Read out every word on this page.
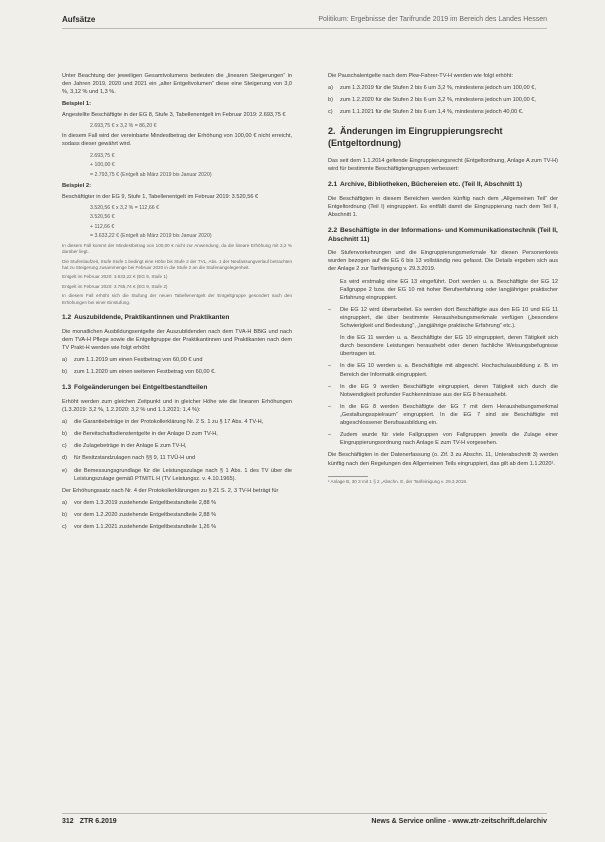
Aufsätze	Politikum: Ergebnisse der Tarifrunde 2019 im Bereich des Landes Hessen

Unter Beachtung der jeweiligen Gesamtvolumens bedeuten die „linearen Steigerungen“ in den Jahren 2019, 2020 und 2021 ein „alter Entgeltvolumen“ diese eine Steigerung von 3,0 %, 3,12 % und 1,3 %.

Beispiel 1:

Angestellte Beschäftigte in der EG 8, Stufe 3, Tabellenentgelt im Februar 2019: 2.693,75 €

2.693,75 € x 3,2 % = 86,20 €

In diesem Fall wird der vereinbarte Mindestbetrag der Erhöhung von 100,00 € nicht erreicht, sodass dieser gewährt wird.

2.693,75 €
+ 100,00 €
= 2.793,75 € (Entgelt ab März 2019 bis Januar 2020)
Beispiel 2:

Beschäftigter in der EG 9, Stufe 1, Tabellenentgelt im Februar 2019: 3.520,56 €

3.520,56 € x 3,2 % = 112,66 €
3.520,56 €
+ 112,66 €
= 3.633,22 € (Entgelt ab März 2019 bis Januar 2020)

In diesem Fall kommt der Mindestbetrag von 100,00 € nicht zur Anwendung, da die lineare Erhöhung mit 3,2 % darüber liegt.

Die Stufenlaufzeit, Stufe Stufe 1 bedingt eine Höhe bis Stufe 2 der TVL, Abs. 1 der Neufassungverlauf betrachten hat zu Steigerung zusammenge bei Februar 2020 in die Stufe 2 an die Stufenangelegenheit.

Entgelt im Februar 2020: 3.633,22 € (EG 9, Stufe 1)

Entgelt im Februar 2020: 3.765,74 € (EG 9, Stufe 2)

In diesem Fall erhöht sich die Stufung der neuen Tabellenentgelt der Entgeltgruppe gesondert nach den Erhöhungen bei einer Einstufung.

1.2 Auszubildende, Praktikantinnen und Praktikanten

Die monatlichen Ausbildungsentgelte der Auszubildenden nach dem TVA-H BBiG und nach dem TVA-H Pflege sowie die Entgeltgruppe der Praktikantinnen und Praktikanten nach dem TV Prakt-H werden wie folgt erhöht:

a)	zum 1.1.2019 um einen Festbetrag von 60,00 € und
b)	zum 1.1.2020 um einen weiteren Festbetrag von 60,00 €.
1.3 Folgeänderungen bei Entgeltbestandteilen

Erhöht werden zum gleichen Zeitpunkt und in gleicher Höhe wie die linearen Erhöhungen (1.3.2019: 3,2 %, 1.2.2020: 3,2 % und 1.1.2021: 1,4 %):

a)	die Garantiebeträge in der Protokollerklärung Nr. 2 S. 1 zu § 17 Abs. 4 TV-H,
b)	die Bereitschaftsdienstentgelte in der Anlage D zum TV-H,
c)	die Zulagebeträge in der Anlage E zum TV-H,
d)	für Besitzstandzulagen nach §§ 9, 11 TVÜ-H und
e)	die Bemessungsgrundlage für die Leistungszulage nach § 1 Abs. 1 des TV über die Leistungszulage gemäß PTM/TL H (TV Leistungsz. v. 4.10.1965).

Der Erhöhungssatz nach Nr. 4 der Protokollerklärungen zu § 21 S. 2, 3 TV-H beträgt für

a)	vor dem 1.3.2019 zustehende Entgeltbestandteile 2,88 %
b)	vor dem 1.2.2020 zustehende Entgeltbestandteile 2,88 %
c)	vor dem 1.1.2021 zustehende Entgeltbestandteile 1,26 %

Die Pauschalentgelte nach dem Pkw-Fahrer-TV-H werden wie folgt erhöht:

a)	zum 1.3.2019 für die Stufen 2 bis 6 um 3,2 %, mindestens jedoch um 100,00 €,
b)	zum 1.2.2020 für die Stufen 2 bis 6 um 3,2 %, mindestens jedoch um 100,00 €,
c)	zum 1.1.2021 für die Stufen 2 bis 6 um 1,4 %, mindestens jedoch 40,00 €.
2. Änderungen im Eingruppierungsrecht (Entgeltordnung)

Das seit dem 1.1.2014 geltende Eingruppierungsrecht (Entgeltordnung, Anlage A zum TV-H) wird für bestimmte Beschäftigtengruppen verbessert:

2.1 Archive, Bibliotheken, Büchereien etc. (Teil II, Abschnitt 1)

Die Beschäftigten in diesem Bereichen werden künftig nach dem „Allgemeinen Teil“ der Entgeltordnung (Teil I) eingruppiert. Es entfällt damit die Eingruppierung nach dem Teil II, Abschnitt 1.

2.2 Beschäftigte in der Informations- und Kommunikationstechnik (Teil II, Abschnitt 11)

Die Stufenvorkehrungen und die Eingruppierungsmerkmale für diesen Personenkreis wurden bezogen auf die EG 6 bis 13 vollständig neu gefasst. Die Details ergeben sich aus der Anlage 2 zur Tarifeinigung v. 29.3.2019.

Es wird erstmalig eine EG 13 eingeführt. Dort werden u. a. Beschäftigte der EG 12 Fallgruppe 2 bzw. der EG 10 mit hoher Berufserfahrung oder langjähriger praktischer Erfahrung eingruppiert.

–	Die EG 12 wird überarbeitet. Es werden dort Beschäftigte aus den EG 10 und EG 11 eingruppiert, die über bestimmte Heraushebungsmerkmale verfügen („besondere Schwierigkeit und Bedeutung“, „langjährige praktische Erfahrung“ etc.).

In die EG 11 werden u. a. Beschäftigte der EG 10 eingruppiert, deren Tätigkeit sich durch besondere Leistungen heraushebt oder denen fachliche Weisungsbefugnisse übertragen ist.

–	In die EG 10 werden u. a. Beschäftigte mit abgeschl. Hochschulausbildung z. B. im Bereich der Informatik eingruppiert.
–	In die EG 9 werden Beschäftigte eingruppiert, deren Tätigkeit sich durch die Notwendigkeit profunder Fachkenntnisse aus der EG 8 heraushebt.
–	In die EG 8 werden Beschäftigte der EG 7 mit dem Heraushebungsmerkmal „Gestaltungsspielraum“ eingruppiert. In die EG 7 sind sie Beschäftigte mit abgeschlossener Berufsausbildung ein.
–	Zudem wurde für viele Fallgruppen von Fallgruppen jeweils die Zulage einer Eingruppierungsordnung nach Anlage E zum TV-H vorgesehen.

Die Beschäftigten in der Datenerfassung (o. Zif. 3 zu Abschn. 11, Unterabschnitt 3) werden künftig nach den Regelungen des Allgemeinen Teils eingruppiert, das gilt ab dem 1.1.2020¹.

¹ Anlage B, 30 3 mit 1 § 2 „Abschn. E, der Tarifeinigung v. 29.3.2019.
312 ZTR 6.2019	News & Service online - www.ztr-zeitschrift.de/archiv
